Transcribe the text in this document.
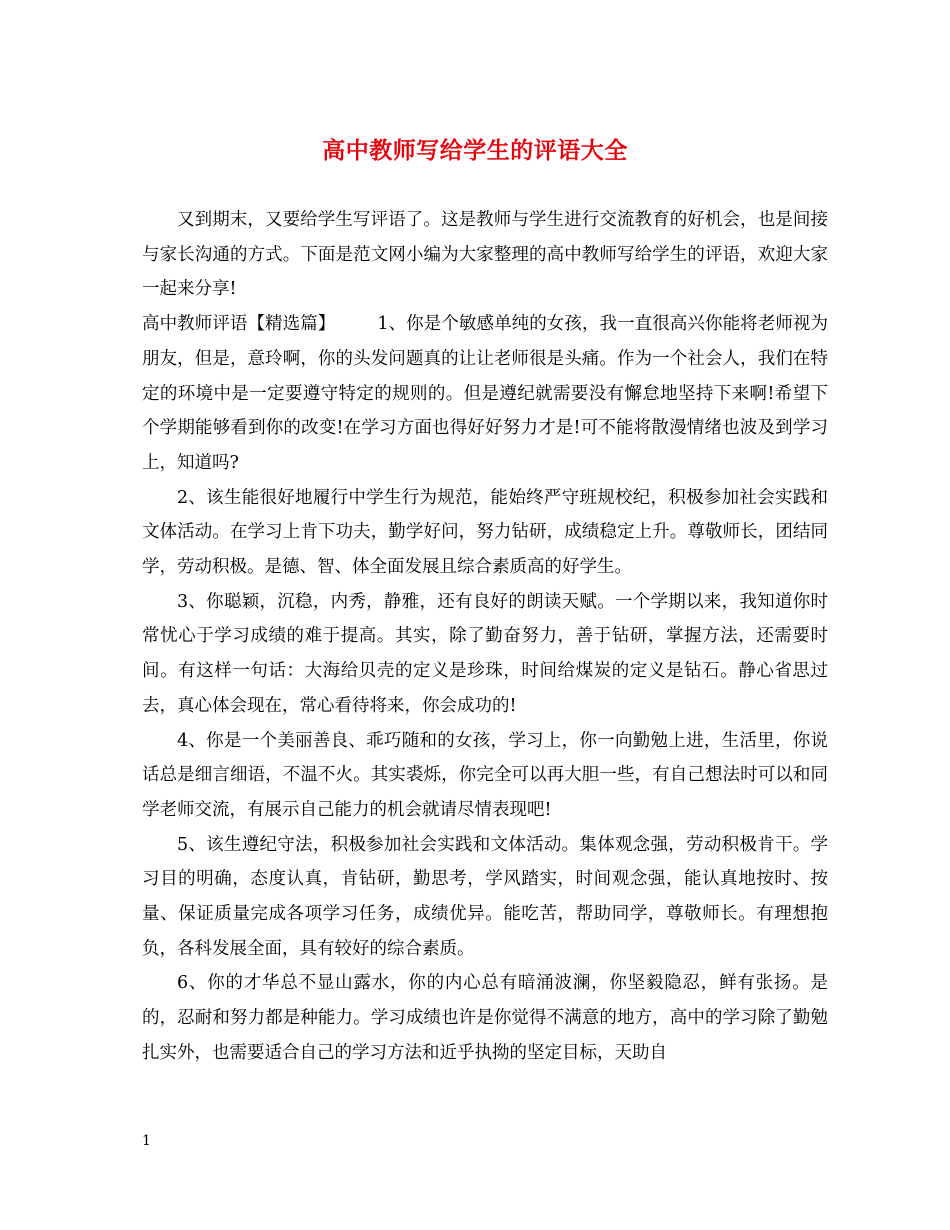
高中教师写给学生的评语大全

又到期末，又要给学生写评语了。这是教师与学生进行交流教育的好机会，也是间接与家长沟通的方式。下面是范文网小编为大家整理的高中教师写给学生的评语，欢迎大家一起来分享!

高中教师评语【精选篇】 1、你是个敏感单纯的女孩，我一直很高兴你能将老师视为朋友，但是，意玲啊，你的头发问题真的让让老师很是头痛。作为一个社会人，我们在特定的环境中是一定要遵守特定的规则的。但是遵纪就需要没有懈怠地坚持下来啊!希望下个学期能够看到你的改变!在学习方面也得好好努力才是!可不能将散漫情绪也波及到学习上，知道吗?

2、该生能很好地履行中学生行为规范，能始终严守班规校纪，积极参加社会实践和文体活动。在学习上肯下功夫，勤学好问，努力钻研，成绩稳定上升。尊敬师长，团结同学，劳动积极。是德、智、体全面发展且综合素质高的好学生。

3、你聪颖，沉稳，内秀，静雅，还有良好的朗读天赋。一个学期以来，我知道你时常忧心于学习成绩的难于提高。其实，除了勤奋努力，善于钻研，掌握方法，还需要时间。有这样一句话：大海给贝壳的定义是珍珠，时间给煤炭的定义是钻石。静心省思过去，真心体会现在，常心看待将来，你会成功的!

4、你是一个美丽善良、乖巧随和的女孩，学习上，你一向勤勉上进，生活里，你说话总是细言细语，不温不火。其实裘烁，你完全可以再大胆一些，有自己想法时可以和同学老师交流，有展示自己能力的机会就请尽情表现吧!

5、该生遵纪守法，积极参加社会实践和文体活动。集体观念强，劳动积极肯干。学习目的明确，态度认真，肯钻研，勤思考，学风踏实，时间观念强，能认真地按时、按量、保证质量完成各项学习任务，成绩优异。能吃苦，帮助同学，尊敬师长。有理想抱负，各科发展全面，具有较好的综合素质。

6、你的才华总不显山露水，你的内心总有暗涌波澜，你坚毅隐忍，鲜有张扬。是的，忍耐和努力都是种能力。学习成绩也许是你觉得不满意的地方，高中的学习除了勤勉扎实外，也需要适合自己的学习方法和近乎执拗的坚定目标，天助自

1
